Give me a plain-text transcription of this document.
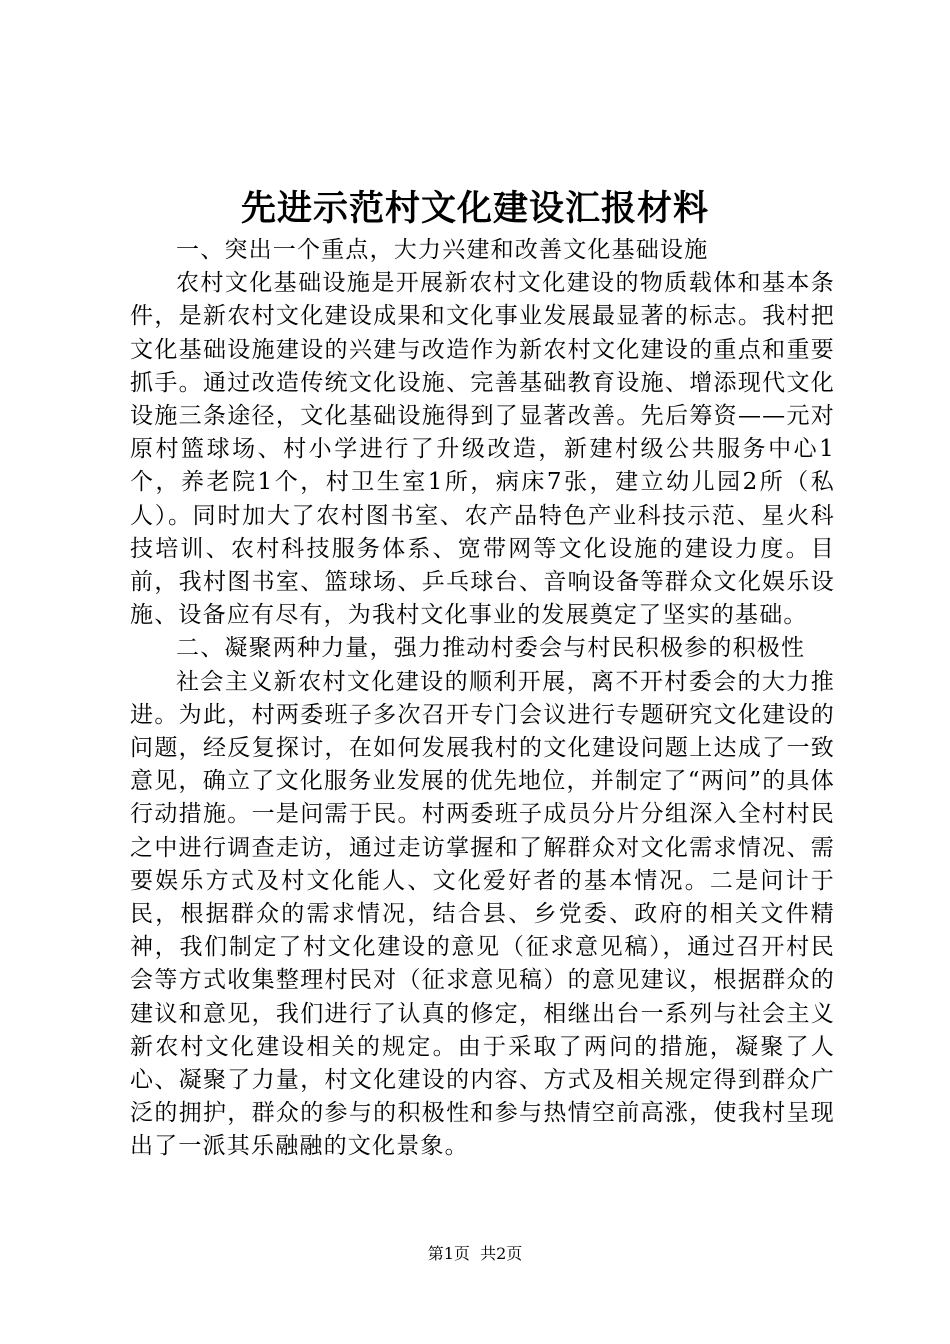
先进示范村文化建设汇报材料

一、突出一个重点，大力兴建和改善文化基础设施

农村文化基础设施是开展新农村文化建设的物质载体和基本条件，是新农村文化建设成果和文化事业发展最显著的标志。我村把文化基础设施建设的兴建与改造作为新农村文化建设的重点和重要抓手。通过改造传统文化设施、完善基础教育设施、增添现代文化设施三条途径，文化基础设施得到了显著改善。先后筹资——元对原村篮球场、村小学进行了升级改造，新建村级公共服务中心1个，养老院1个，村卫生室1所，病床7张，建立幼儿园2所（私人）。同时加大了农村图书室、农产品特色产业科技示范、星火科技培训、农村科技服务体系、宽带网等文化设施的建设力度。目前，我村图书室、篮球场、乒乓球台、音响设备等群众文化娱乐设施、设备应有尽有，为我村文化事业的发展奠定了坚实的基础。

二、凝聚两种力量，强力推动村委会与村民积极参的积极性

社会主义新农村文化建设的顺利开展，离不开村委会的大力推进。为此，村两委班子多次召开专门会议进行专题研究文化建设的问题，经反复探讨，在如何发展我村的文化建设问题上达成了一致意见，确立了文化服务业发展的优先地位，并制定了“两问”的具体行动措施。一是问需于民。村两委班子成员分片分组深入全村村民之中进行调查走访，通过走访掌握和了解群众对文化需求情况、需要娱乐方式及村文化能人、文化爱好者的基本情况。二是问计于民，根据群众的需求情况，结合县、乡党委、政府的相关文件精神，我们制定了村文化建设的意见（征求意见稿），通过召开村民会等方式收集整理村民对（征求意见稿）的意见建议，根据群众的建议和意见，我们进行了认真的修定，相继出台一系列与社会主义新农村文化建设相关的规定。由于采取了两问的措施，凝聚了人心、凝聚了力量，村文化建设的内容、方式及相关规定得到群众广泛的拥护，群众的参与的积极性和参与热情空前高涨，使我村呈现出了一派其乐融融的文化景象。

第1页  共2页
